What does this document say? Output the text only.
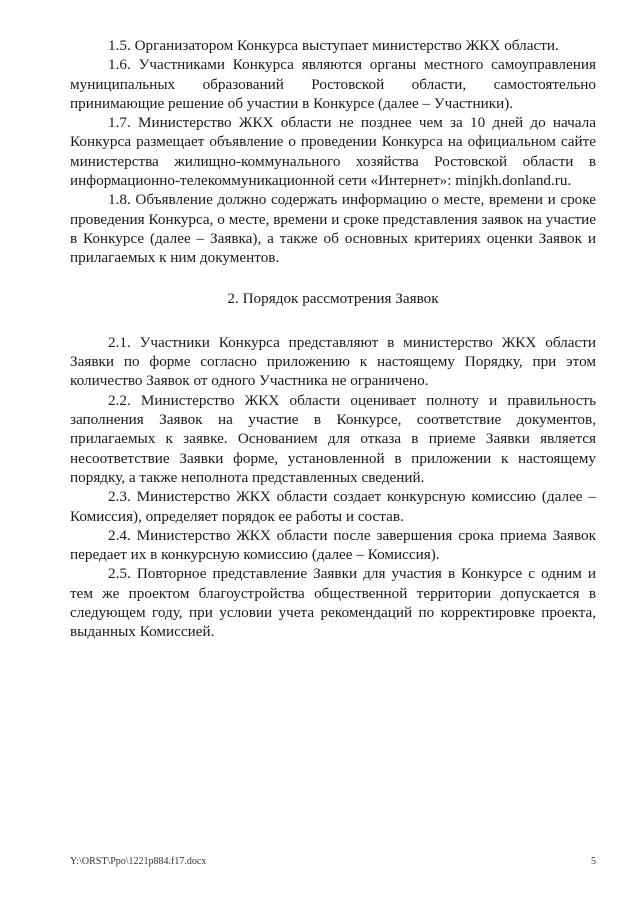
1.5. Организатором Конкурса выступает министерство ЖКХ области.

1.6. Участниками Конкурса являются органы местного самоуправления муниципальных образований Ростовской области, самостоятельно принимающие решение об участии в Конкурсе (далее – Участники).

1.7. Министерство ЖКХ области не позднее чем за 10 дней до начала Конкурса размещает объявление о проведении Конкурса на официальном сайте министерства жилищно-коммунального хозяйства Ростовской области в информационно-телекоммуникационной сети «Интернет»: minjkh.donland.ru.

1.8. Объявление должно содержать информацию о месте, времени и сроке проведения Конкурса, о месте, времени и сроке представления заявок на участие в Конкурсе (далее – Заявка), а также об основных критериях оценки Заявок и прилагаемых к ним документов.

2. Порядок рассмотрения Заявок

2.1. Участники Конкурса представляют в министерство ЖКХ области Заявки по форме согласно приложению к настоящему Порядку, при этом количество Заявок от одного Участника не ограничено.

2.2. Министерство ЖКХ области оценивает полноту и правильность заполнения Заявок на участие в Конкурсе, соответствие документов, прилагаемых к заявке. Основанием для отказа в приеме Заявки является несоответствие Заявки форме, установленной в приложении к настоящему порядку, а также неполнота представленных сведений.

2.3. Министерство ЖКХ области создает конкурсную комиссию (далее – Комиссия), определяет порядок ее работы и состав.

2.4. Министерство ЖКХ области после завершения срока приема Заявок передает их в конкурсную комиссию (далее – Комиссия).

2.5. Повторное представление Заявки для участия в Конкурсе с одним и тем же проектом благоустройства общественной территории допускается в следующем году, при условии учета рекомендаций по корректировке проекта, выданных Комиссией.

Y:\ORST\Ppo\1221p884.f17.docx	5
